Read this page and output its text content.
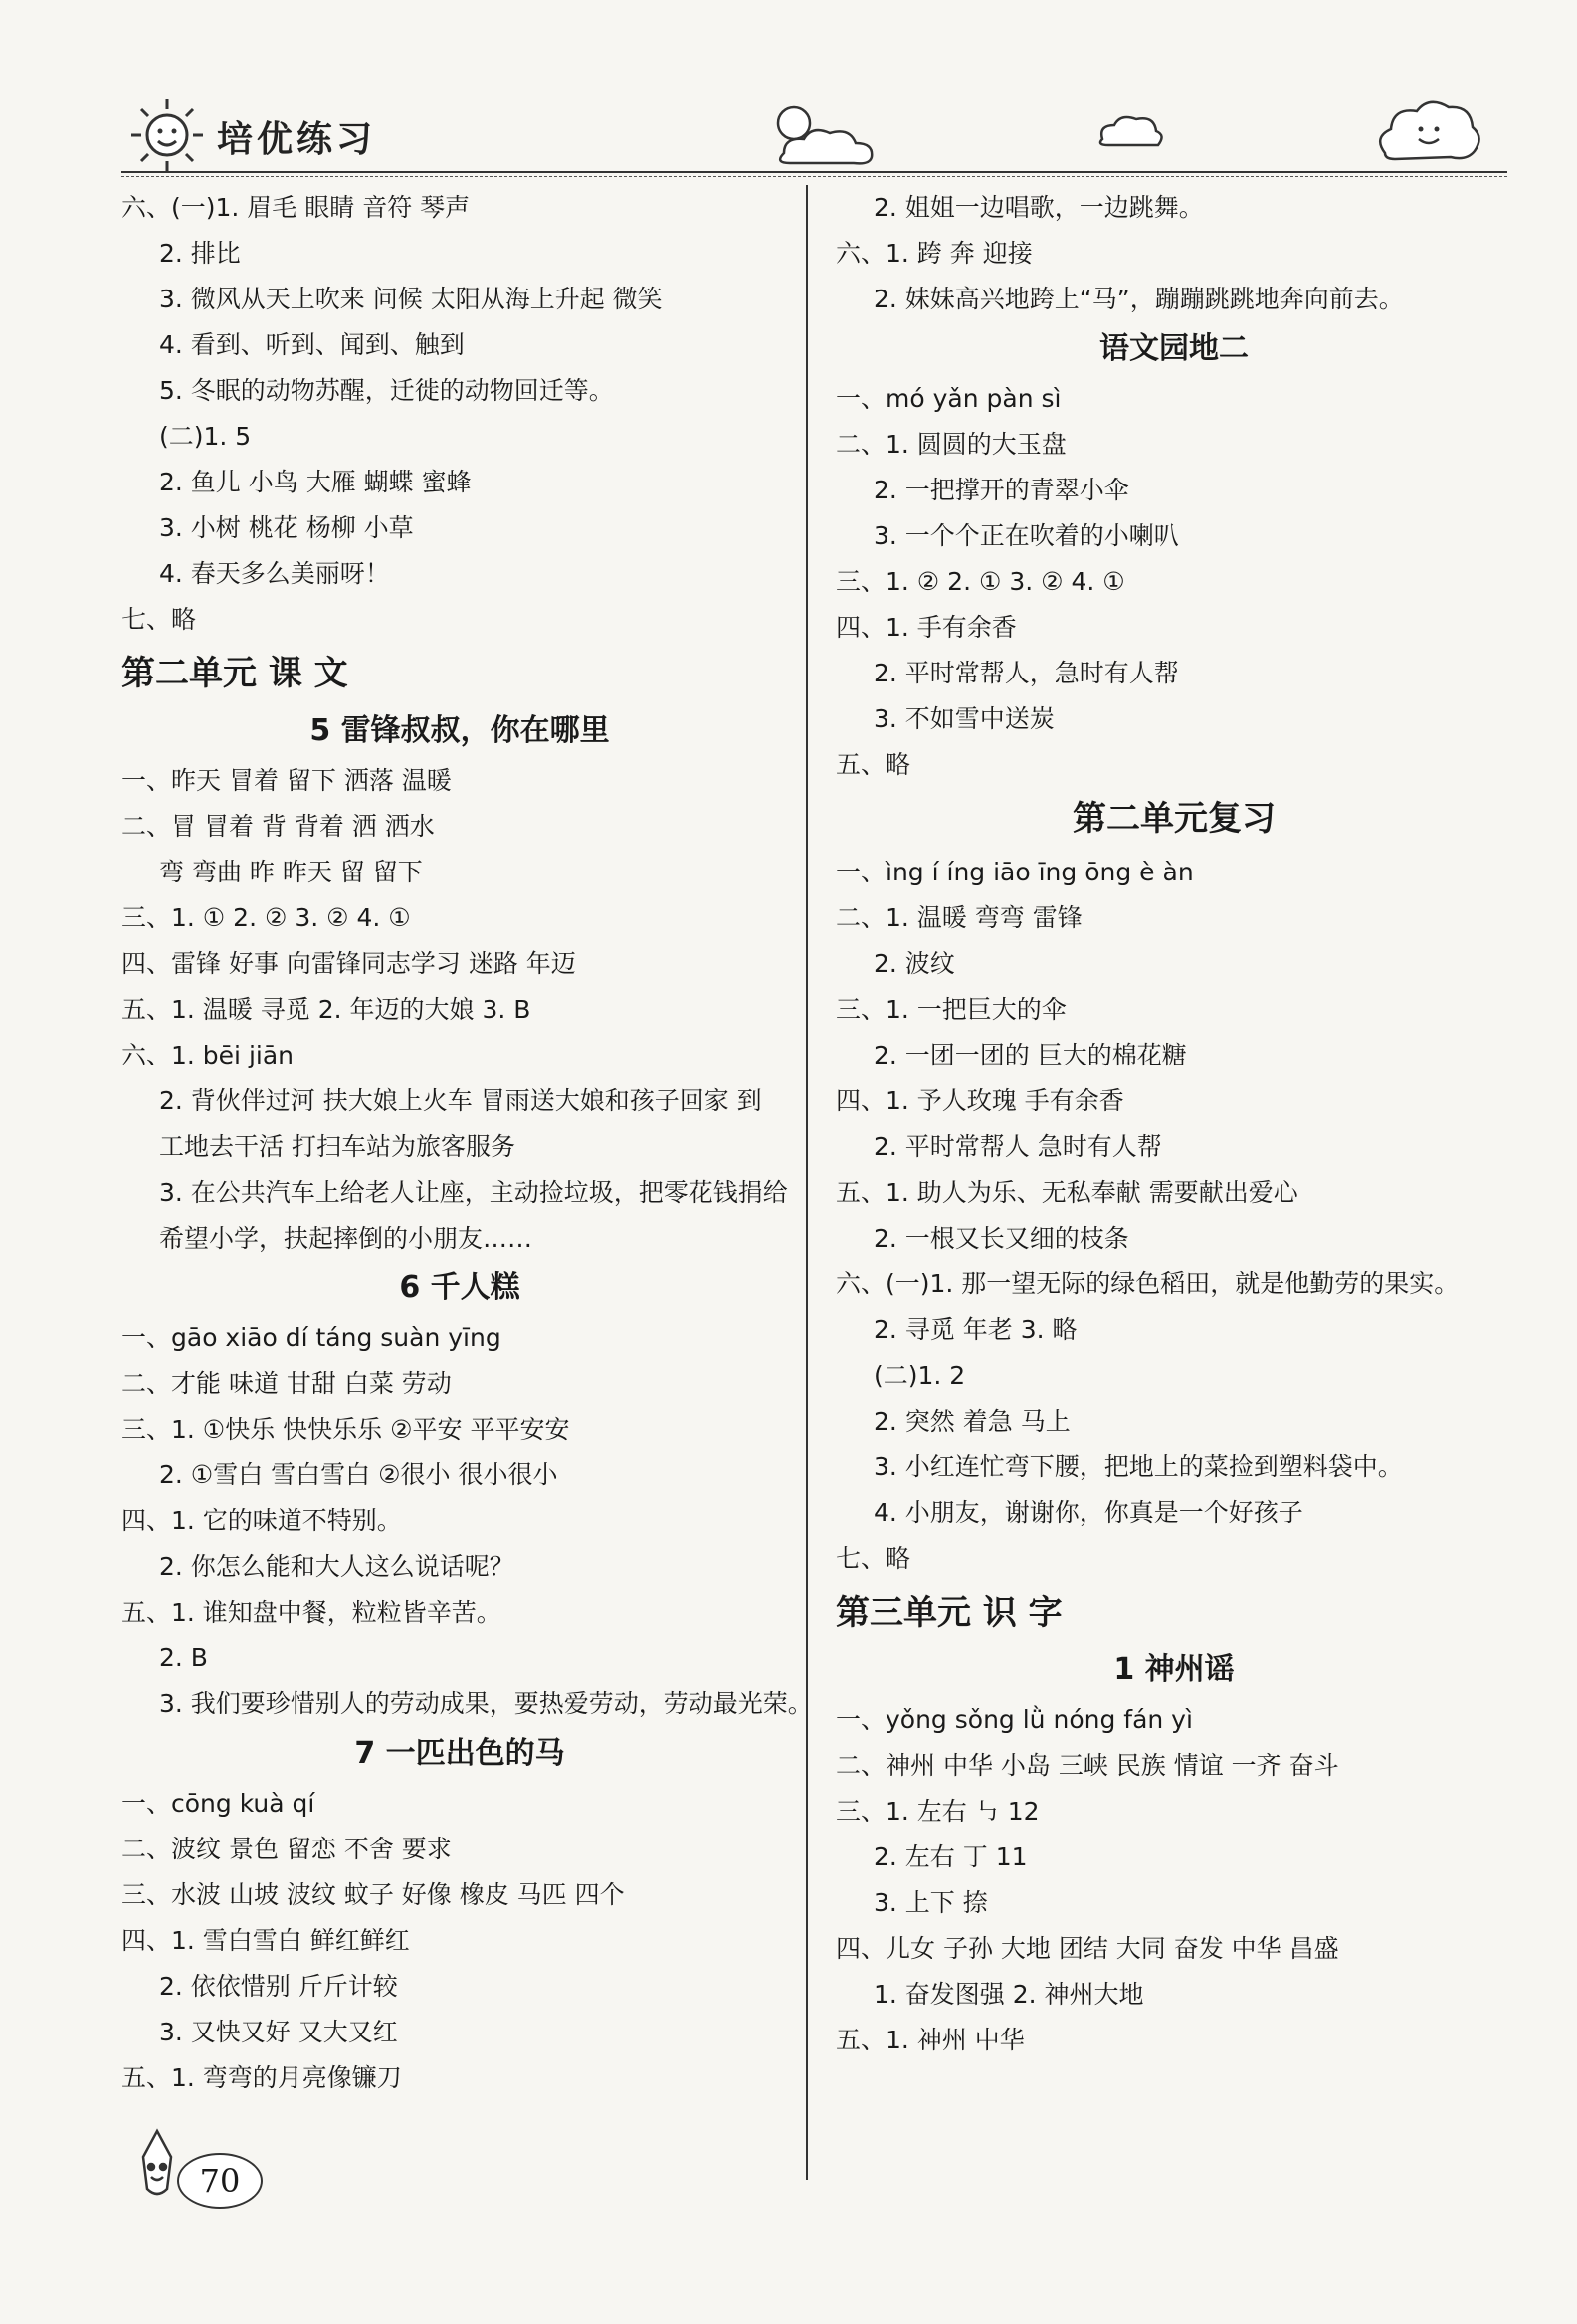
培优练习
六、(一)1. 眉毛 眼睛 音符 琴声
2. 排比
3. 微风从天上吹来 问候 太阳从海上升起 微笑
4. 看到、听到、闻到、触到
5. 冬眠的动物苏醒，迁徙的动物回迁等。
(二)1. 5
2. 鱼儿 小鸟 大雁 蝴蝶 蜜蜂
3. 小树 桃花 杨柳 小草
4. 春天多么美丽呀！
七、略
第二单元 课 文
5 雷锋叔叔，你在哪里
一、昨天 冒着 留下 洒落 温暖
二、冒 冒着 背 背着 洒 洒水
弯 弯曲 昨 昨天 留 留下
三、1. ① 2. ② 3. ② 4. ①
四、雷锋 好事 向雷锋同志学习 迷路 年迈
五、1. 温暖 寻觅 2. 年迈的大娘 3. B
六、1. bēi jiān
2. 背伙伴过河 扶大娘上火车 冒雨送大娘和孩子回家 到
工地去干活 打扫车站为旅客服务
3. 在公共汽车上给老人让座，主动捡垃圾，把零花钱捐给
希望小学，扶起摔倒的小朋友……
6 千人糕
一、gāo xiāo dí táng suàn yīng
二、才能 味道 甘甜 白菜 劳动
三、1. ①快乐 快快乐乐 ②平安 平平安安
2. ①雪白 雪白雪白 ②很小 很小很小
四、1. 它的味道不特别。
2. 你怎么能和大人这么说话呢？
五、1. 谁知盘中餐，粒粒皆辛苦。
2. B
3. 我们要珍惜别人的劳动成果，要热爱劳动，劳动最光荣。
7 一匹出色的马
一、cōng kuà qí
二、波纹 景色 留恋 不舍 要求
三、水波 山坡 波纹 蚊子 好像 橡皮 马匹 四个
四、1. 雪白雪白 鲜红鲜红
2. 依依惜别 斤斤计较
3. 又快又好 又大又红
五、1. 弯弯的月亮像镰刀
2. 姐姐一边唱歌，一边跳舞。
六、1. 跨 奔 迎接
2. 妹妹高兴地跨上“马”，蹦蹦跳跳地奔向前去。
语文园地二
一、mó yǎn pàn sì
二、1. 圆圆的大玉盘
2. 一把撑开的青翠小伞
3. 一个个正在吹着的小喇叭
三、1. ② 2. ① 3. ② 4. ①
四、1. 手有余香
2. 平时常帮人，急时有人帮
3. 不如雪中送炭
五、略
第二单元复习
一、ìng í íng iāo īng ōng è àn
二、1. 温暖 弯弯 雷锋
2. 波纹
三、1. 一把巨大的伞
2. 一团一团的 巨大的棉花糖
四、1. 予人玫瑰 手有余香
2. 平时常帮人 急时有人帮
五、1. 助人为乐、无私奉献 需要献出爱心
2. 一根又长又细的枝条
六、(一)1. 那一望无际的绿色稻田，就是他勤劳的果实。
2. 寻觅 年老 3. 略
(二)1. 2
2. 突然 着急 马上
3. 小红连忙弯下腰，把地上的菜捡到塑料袋中。
4. 小朋友，谢谢你，你真是一个好孩子
七、略
第三单元 识 字
1 神州谣
一、yǒng sǒng lǜ nóng fán yì
二、神州 中华 小岛 三峡 民族 情谊 一齐 奋斗
三、1. 左右 ㇉ 12
2. 左右 丁 11
3. 上下 捺
四、儿女 子孙 大地 团结 大同 奋发 中华 昌盛
1. 奋发图强 2. 神州大地
五、1. 神州 中华
70
